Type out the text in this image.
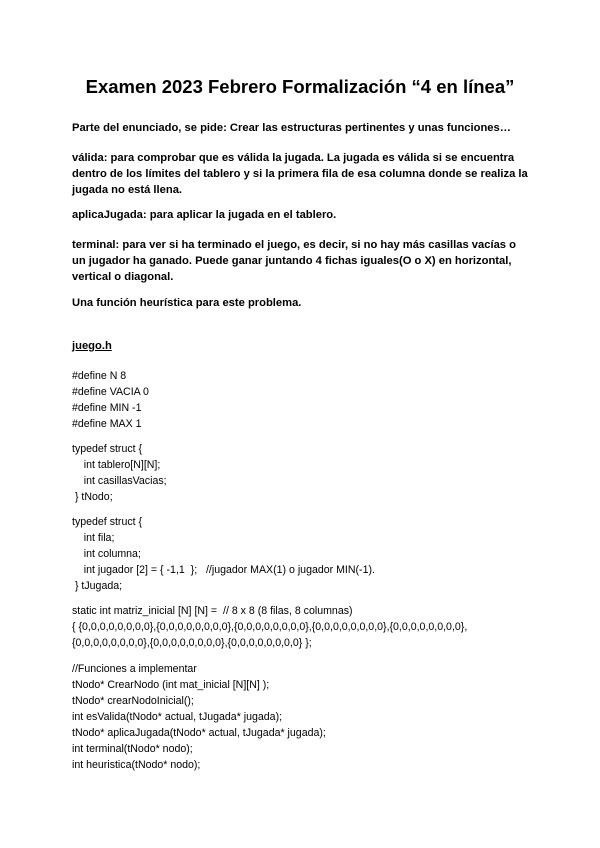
Examen 2023 Febrero Formalización “4 en línea”
Parte del enunciado, se pide: Crear las estructuras pertinentes y unas funciones…
válida: para comprobar que es válida la jugada. La jugada es válida si se encuentra
dentro de los límites del tablero y si la primera fila de esa columna donde se realiza la
jugada no está llena.
aplicaJugada: para aplicar la jugada en el tablero.
terminal: para ver si ha terminado el juego, es decir, si no hay más casillas vacías o
un jugador ha ganado. Puede ganar juntando 4 fichas iguales(O o X) en horizontal,
vertical o diagonal.
Una función heurística para este problema.
juego.h
#define N 8
#define VACIA 0
#define MIN -1
#define MAX 1
typedef struct {
int tablero[N][N];
int casillasVacias;
} tNodo;
typedef struct {
int fila;
int columna;
int jugador [2] = { -1,1  };   //jugador MAX(1) o jugador MIN(-1).
} tJugada;
static int matriz_inicial [N] [N] =  // 8 x 8 (8 filas, 8 columnas)
{ {0,0,0,0,0,0,0,0},{0,0,0,0,0,0,0,0},{0,0,0,0,0,0,0,0},{0,0,0,0,0,0,0,0},{0,0,0,0,0,0,0,0},
{0,0,0,0,0,0,0,0},{0,0,0,0,0,0,0,0},{0,0,0,0,0,0,0,0} };
//Funciones a implementar
tNodo* CrearNodo (int mat_inicial [N][N] );
tNodo* crearNodoInicial();
int esValida(tNodo* actual, tJugada* jugada);
tNodo* aplicaJugada(tNodo* actual, tJugada* jugada);
int terminal(tNodo* nodo);
int heuristica(tNodo* nodo);
